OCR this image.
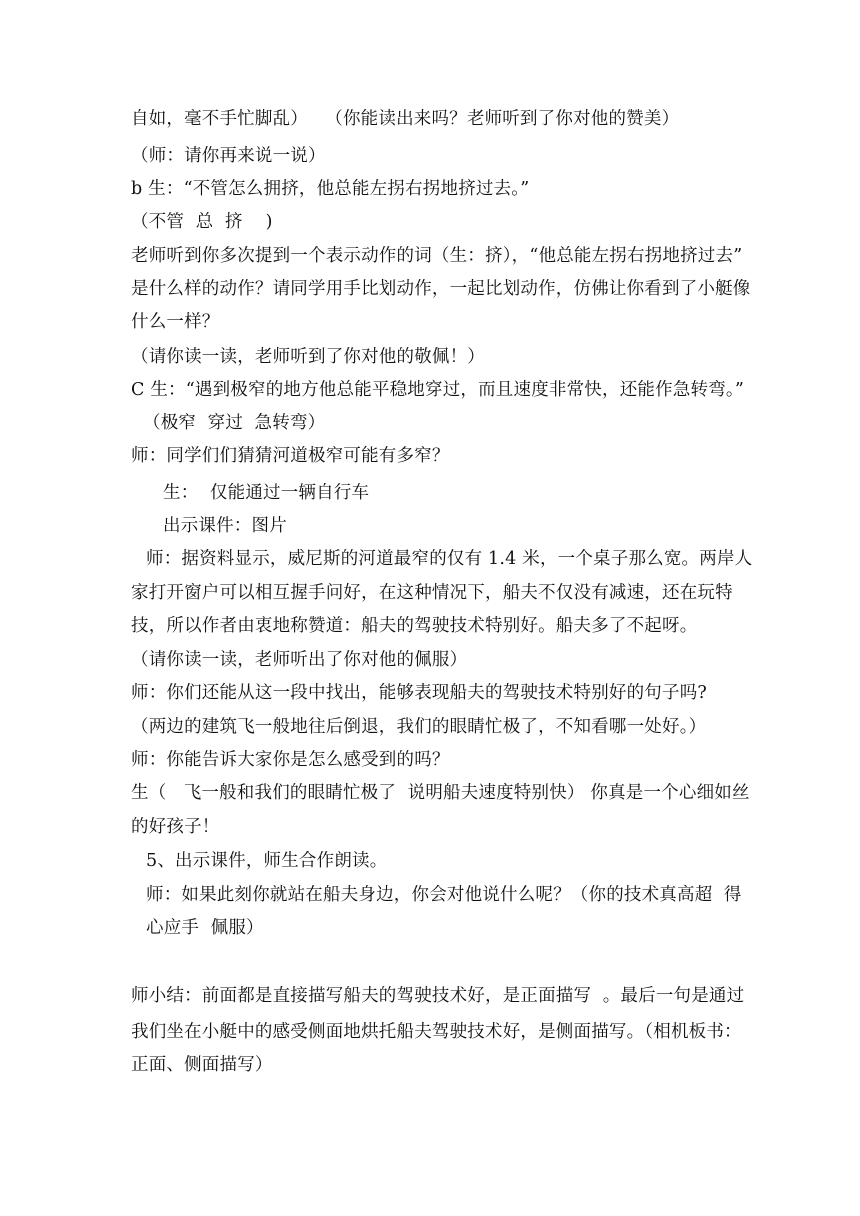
自如，毫不手忙脚乱）   （你能读出来吗？老师听到了你对他的赞美）
（师：请你再来说一说）
b 生：“不管怎么拥挤，他总能左拐右拐地挤过去。”
（不管  总  挤    )
老师听到你多次提到一个表示动作的词（生：挤），“他总能左拐右拐地挤过去”
是什么样的动作？请同学用手比划动作，一起比划动作，仿佛让你看到了小艇像
什么一样？
（请你读一读，老师听到了你对他的敬佩！）
C 生：“遇到极窄的地方他总能平稳地穿过，而且速度非常快，还能作急转弯。”
（极窄  穿过  急转弯）
师：同学们们猜猜河道极窄可能有多窄？
生：  仅能通过一辆自行车
出示课件：图片
师：据资料显示，威尼斯的河道最窄的仅有 1.4 米，一个桌子那么宽。两岸人
家打开窗户可以相互握手问好，在这种情况下，船夫不仅没有减速，还在玩特
技，所以作者由衷地称赞道：船夫的驾驶技术特别好。船夫多了不起呀。
（请你读一读，老师听出了你对他的佩服）
师：你们还能从这一段中找出，能够表现船夫的驾驶技术特别好的句子吗?
（两边的建筑飞一般地往后倒退，我们的眼睛忙极了，不知看哪一处好。）
师：你能告诉大家你是怎么感受到的吗？
生（   飞一般和我们的眼睛忙极了  说明船夫速度特别快） 你真是一个心细如丝
的好孩子！
5、出示课件，师生合作朗读。
师：如果此刻你就站在船夫身边，你会对他说什么呢？（你的技术真高超  得
心应手  佩服）
师小结：前面都是直接描写船夫的驾驶技术好，是正面描写  。最后一句是通过
我们坐在小艇中的感受侧面地烘托船夫驾驶技术好，是侧面描写。（相机板书：
正面、侧面描写）
